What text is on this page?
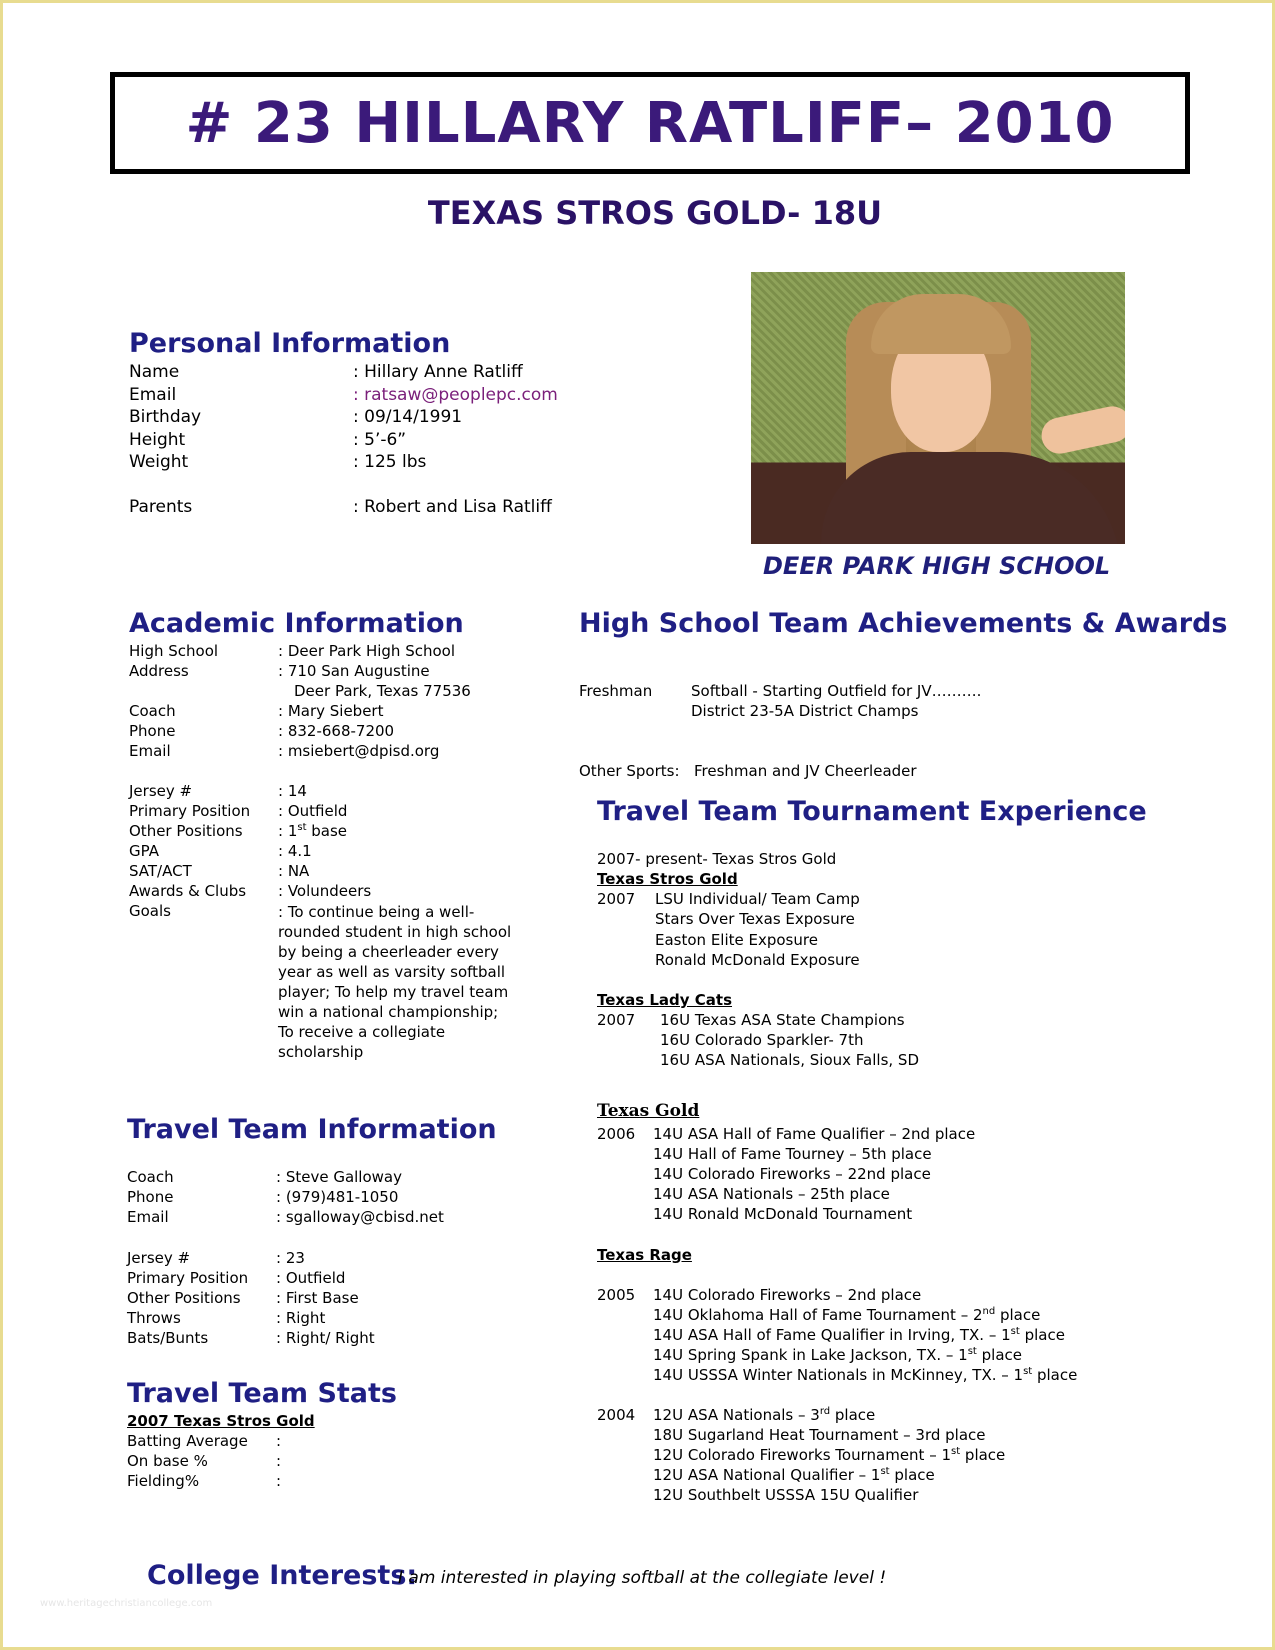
# 23 HILLARY RATLIFF– 2010
TEXAS STROS GOLD- 18U
DEER PARK HIGH SCHOOL
Personal Information
Name	: Hillary Anne Ratliff
Email	: ratsaw@peoplepc.com
Birthday	: 09/14/1991
Height	: 5’-6”
Weight	: 125 lbs
Parents	: Robert and Lisa Ratliff
Academic Information
High School	: Deer Park High School
Address	: 710 San Augustine
Deer Park, Texas 77536
Coach	: Mary Siebert
Phone	: 832-668-7200
Email	: msiebert@dpisd.org
Jersey #	: 14
Primary Position : Outfield
Other Positions : 1st base
GPA	: 4.1
SAT/ACT	: NA
Awards & Clubs : Volundeers
Goals	: To continue being a well-rounded student in high school by being a cheerleader every year as well as varsity softball player; To help my travel team win a national championship; To receive a collegiate scholarship
Travel Team Information
Coach	: Steve Galloway
Phone	: (979)481-1050
Email	: sgalloway@cbisd.net
Jersey #	: 23
Primary Position : Outfield
Other Positions : First Base
Throws	: Right
Bats/Bunts	: Right/ Right
Travel Team Stats
2007 Texas Stros Gold
Batting Average :
On base %	:
Fielding%	:
High School Team Achievements & Awards
Freshman	Softball - Starting Outfield for JV……….
District 23-5A District Champs
Other Sports: Freshman and JV Cheerleader
Travel Team Tournament Experience
2007- present- Texas Stros Gold
Texas Stros Gold
2007 LSU Individual/ Team Camp
Stars Over Texas Exposure
Easton Elite Exposure
Ronald McDonald Exposure
Texas Lady Cats
2007 16U Texas ASA State Champions
16U Colorado Sparkler- 7th
16U ASA Nationals, Sioux Falls, SD
Texas Gold
2006 14U ASA Hall of Fame Qualifier – 2nd place
14U Hall of Fame Tourney – 5th place
14U Colorado Fireworks – 22nd place
14U ASA Nationals – 25th place
14U Ronald McDonald Tournament
Texas Rage
2005 14U Colorado Fireworks – 2nd place
14U Oklahoma Hall of Fame Tournament – 2nd place
14U ASA Hall of Fame Qualifier in Irving, TX. – 1st place
14U Spring Spank in Lake Jackson, TX. – 1st place
14U USSSA Winter Nationals in McKinney, TX. – 1st place
2004 12U ASA Nationals – 3rd place
18U Sugarland Heat Tournament – 3rd place
12U Colorado Fireworks Tournament – 1st place
12U ASA National Qualifier – 1st place
12U Southbelt USSSA 15U Qualifier
College Interests:
I am interested in playing softball at the collegiate level !
www.heritagechristiancollege.com
